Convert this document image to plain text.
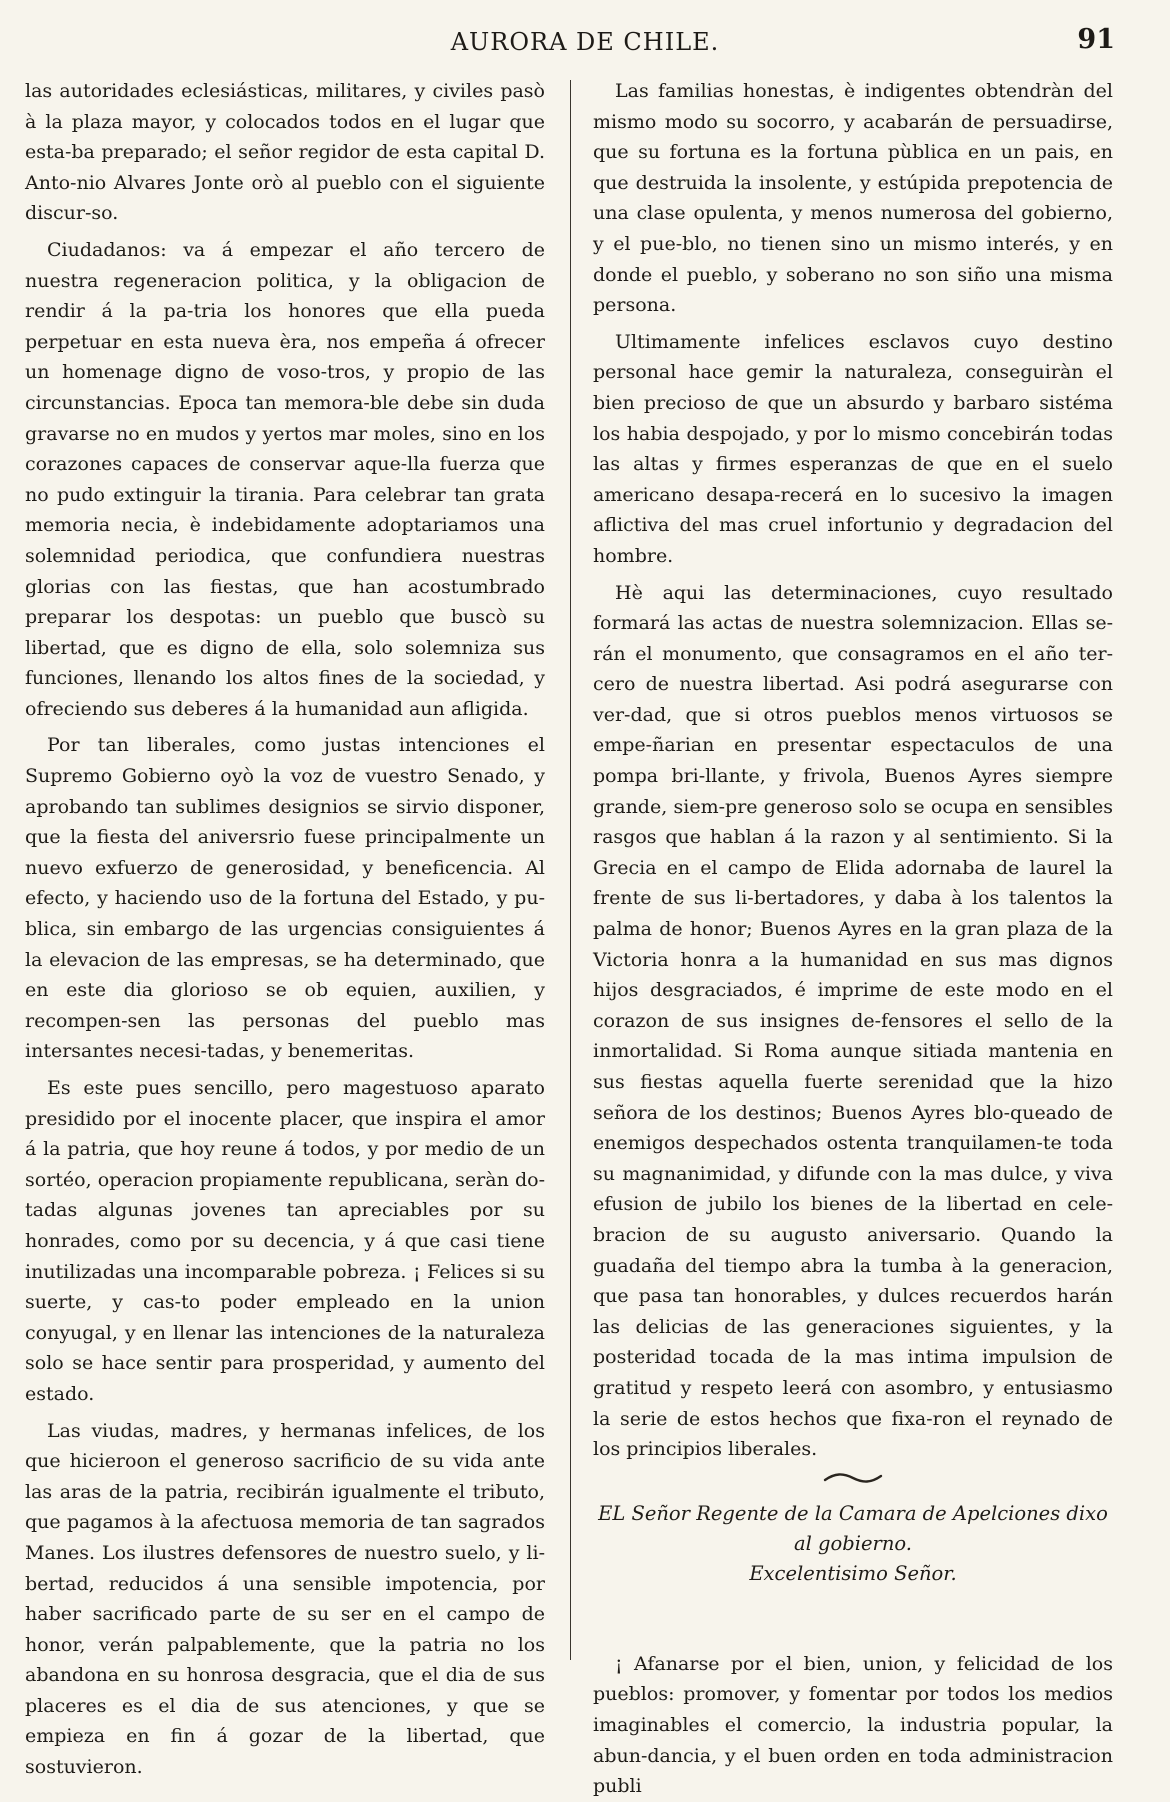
AURORA DE CHILE.	91

las autoridades eclesiásticas, militares, y civiles pasò à la plaza mayor, y colocados todos en el lugar que esta-ba preparado; el señor regidor de esta capital D. Anto-nio Alvares Jonte orò al pueblo con el siguiente discur-so.

Ciudadanos: va á empezar el año tercero de nuestra regeneracion politica, y la obligacion de rendir á la pa-tria los honores que ella pueda perpetuar en esta nueva èra, nos empeña á ofrecer un homenage digno de voso-tros, y propio de las circunstancias. Epoca tan memora-ble debe sin duda gravarse no en mudos y yertos mar moles, sino en los corazones capaces de conservar aque-lla fuerza que no pudo extinguir la tirania. Para celebrar tan grata memoria necia, è indebidamente adoptariamos una solemnidad periodica, que confundiera nuestras glorias con las fiestas, que han acostumbrado preparar los despotas: un pueblo que buscò su libertad, que es digno de ella, solo solemniza sus funciones, llenando los altos fines de la sociedad, y ofreciendo sus deberes á la humanidad aun afligida.

Por tan liberales, como justas intenciones el Supremo Gobierno oyò la voz de vuestro Senado, y aprobando tan sublimes designios se sirvio disponer, que la fiesta del aniversrio fuese principalmente un nuevo exfuerzo de generosidad, y beneficencia. Al efecto, y haciendo uso de la fortuna del Estado, y pu-blica, sin embargo de las urgencias consiguientes á la elevacion de las empresas, se ha determinado, que en este dia glorioso se ob equien, auxilien, y recompen-sen las personas del pueblo mas intersantes necesi-tadas, y benemeritas.

Es este pues sencillo, pero magestuoso aparato presidido por el inocente placer, que inspira el amor á la patria, que hoy reune á todos, y por medio de un sortéo, operacion propiamente republicana, seràn do-tadas algunas jovenes tan apreciables por su honrades, como por su decencia, y á que casi tiene inutilizadas una incomparable pobreza. ¡ Felices si su suerte, y cas-to poder empleado en la union conyugal, y en llenar las intenciones de la naturaleza solo se hace sentir para prosperidad, y aumento del estado.

Las viudas, madres, y hermanas infelices, de los que hicieroon el generoso sacrificio de su vida ante las aras de la patria, recibirán igualmente el tributo, que pagamos à la afectuosa memoria de tan sagrados Manes. Los ilustres defensores de nuestro suelo, y li-bertad, reducidos á una sensible impotencia, por haber sacrificado parte de su ser en el campo de honor, verán palpablemente, que la patria no los abandona en su honrosa desgracia, que el dia de sus placeres es el dia de sus atenciones, y que se empieza en fin á gozar de la libertad, que sostuvieron.

Las familias honestas, è indigentes obtendràn del mismo modo su socorro, y acabarán de persuadirse, que su fortuna es la fortuna pùblica en un pais, en que destruida la insolente, y estúpida prepotencia de una clase opulenta, y menos numerosa del gobierno, y el pue-blo, no tienen sino un mismo interés, y en donde el pueblo, y soberano no son siño una misma persona.

Ultimamente infelices esclavos cuyo destino personal hace gemir la naturaleza, conseguiràn el bien precioso de que un absurdo y barbaro sistéma los habia despojado, y por lo mismo concebirán todas las altas y firmes esperanzas de que en el suelo americano desapa-recerá en lo sucesivo la imagen aflictiva del mas cruel infortunio y degradacion del hombre.

Hè aqui las determinaciones, cuyo resultado formará las actas de nuestra solemnizacion. Ellas se-rán el monumento, que consagramos en el año ter-cero de nuestra libertad. Asi podrá asegurarse con ver-dad, que si otros pueblos menos virtuosos se empe-ñarian en presentar espectaculos de una pompa bri-llante, y frivola, Buenos Ayres siempre grande, siem-pre generoso solo se ocupa en sensibles rasgos que hablan á la razon y al sentimiento. Si la Grecia en el campo de Elida adornaba de laurel la frente de sus li-bertadores, y daba à los talentos la palma de honor; Buenos Ayres en la gran plaza de la Victoria honra a la humanidad en sus mas dignos hijos desgraciados, é imprime de este modo en el corazon de sus insignes de-fensores el sello de la inmortalidad. Si Roma aunque sitiada mantenia en sus fiestas aquella fuerte serenidad que la hizo señora de los destinos; Buenos Ayres blo-queado de enemigos despechados ostenta tranquilamen-te toda su magnanimidad, y difunde con la mas dulce, y viva efusion de jubilo los bienes de la libertad en cele-bracion de su augusto aniversario. Quando la guadaña del tiempo abra la tumba à la generacion, que pasa tan honorables, y dulces recuerdos harán las delicias de las generaciones siguientes, y la posteridad tocada de la mas intima impulsion de gratitud y respeto leerá con asombro, y entusiasmo la serie de estos hechos que fixa-ron el reynado de los principios liberales.

EL Señor Regente de la Camara de Apelciones dixo al gobierno.

Excelentisimo Señor.

¡ Afanarse por el bien, union, y felicidad de los pueblos: promover, y fomentar por todos los medios imaginables el comercio, la industria popular, la abun-dancia, y el buen orden en toda administracion publi
